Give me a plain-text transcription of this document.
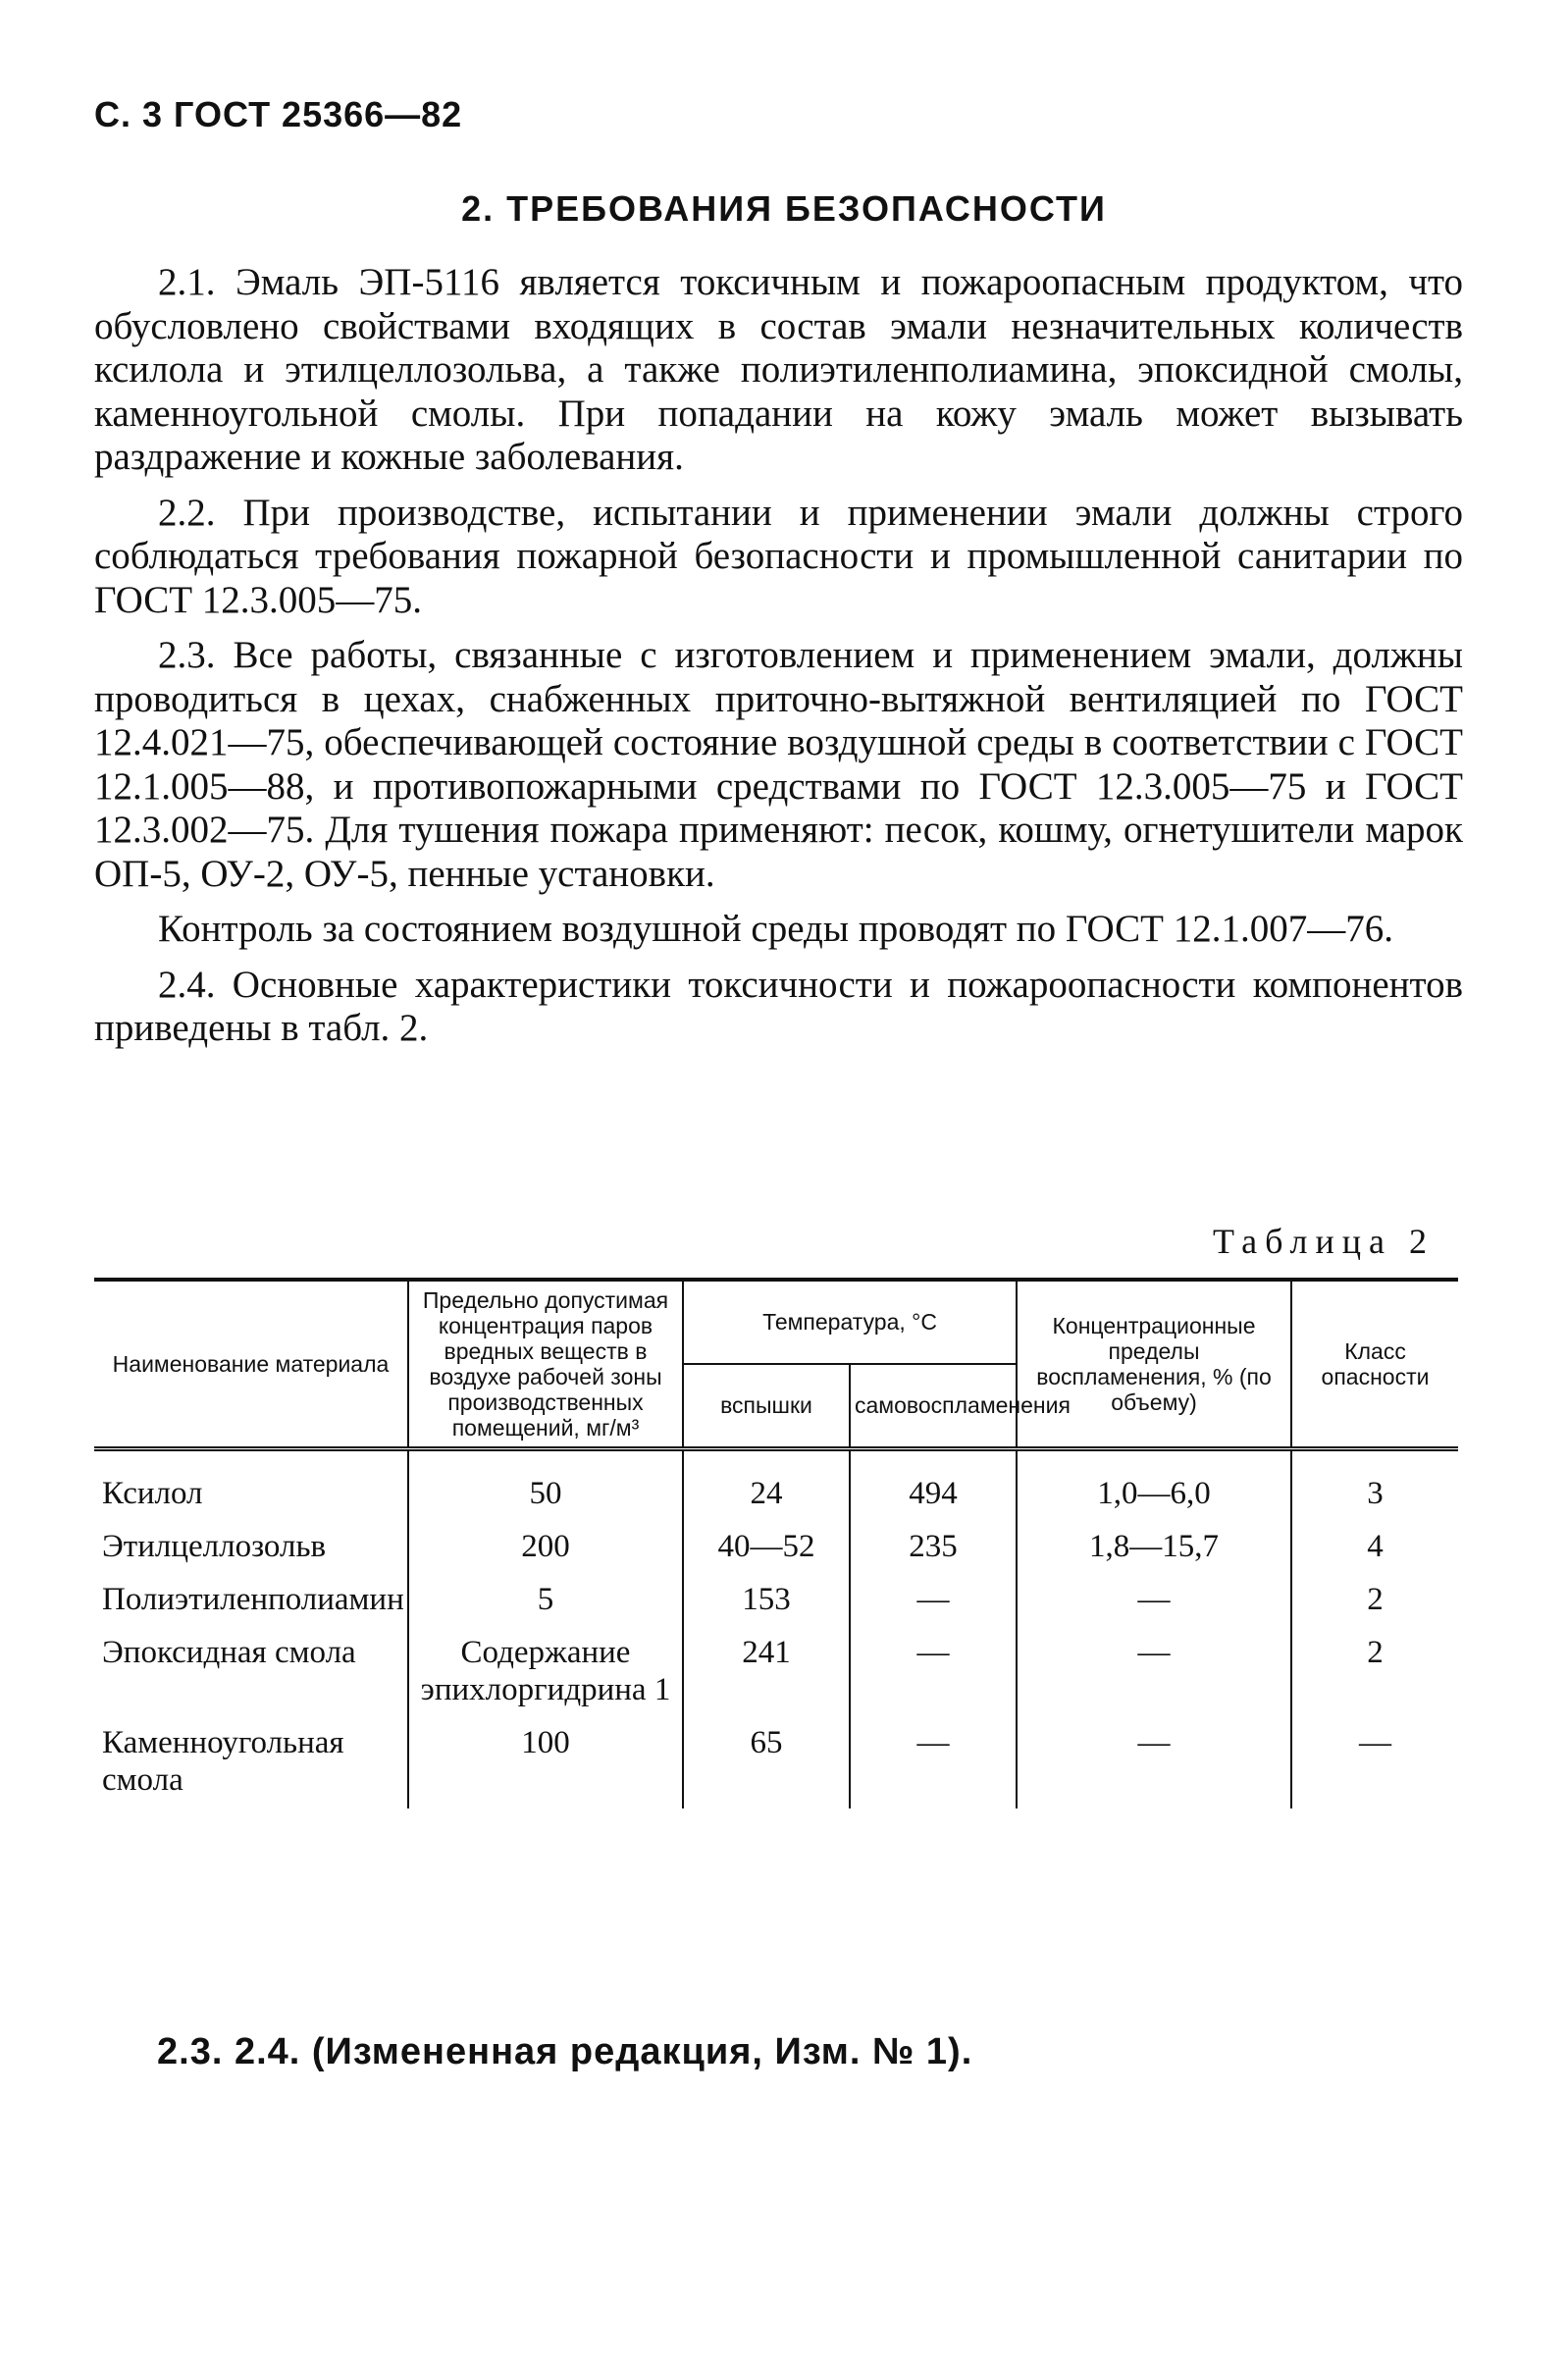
С. 3 ГОСТ 25366—82
2. ТРЕБОВАНИЯ БЕЗОПАСНОСТИ

2.1. Эмаль ЭП-5116 является токсичным и пожароопасным продуктом, что обусловлено свойствами входящих в состав эмали незначительных количеств ксилола и этилцеллозольва, а также полиэтиленполиамина, эпоксидной смолы, каменноугольной смолы. При попадании на кожу эмаль может вызывать раздражение и кожные заболевания.

2.2. При производстве, испытании и применении эмали должны строго соблюдаться требования пожарной безопасности и промышленной санитарии по ГОСТ 12.3.005—75.

2.3. Все работы, связанные с изготовлением и применением эмали, должны проводиться в цехах, снабженных приточно-вытяжной вентиляцией по ГОСТ 12.4.021—75, обеспечивающей состояние воздушной среды в соответствии с ГОСТ 12.1.005—88, и противопожарными средствами по ГОСТ 12.3.005—75 и ГОСТ 12.3.002—75. Для тушения пожара применяют: песок, кошму, огнетушители марок ОП-5, ОУ-2, ОУ-5, пенные установки.

Контроль за состоянием воздушной среды проводят по ГОСТ 12.1.007—76.

2.4. Основные характеристики токсичности и пожароопасности компонентов приведены в табл. 2.

Таблица 2
Наименование материала	Предельно допустимая концентрация паров вредных веществ в воздухе рабочей зоны производственных помещений, мг/м³	Температура, °С		Концентрационные пределы воспламенения, % (по объему)	Класс опасности
		вспышки	самовоспламенения		
Ксилол	50	24	494	1,0—6,0	3
Этилцеллозольв	200	40—52	235	1,8—15,7	4
Полиэтиленполиамин	5	153	—	—	2
Эпоксидная смола	Содержание эпихлоргидрина 1	241	—	—	2
Каменноугольная смола	100	65	—	—	—
2.3. 2.4. (Измененная редакция, Изм. № 1).
